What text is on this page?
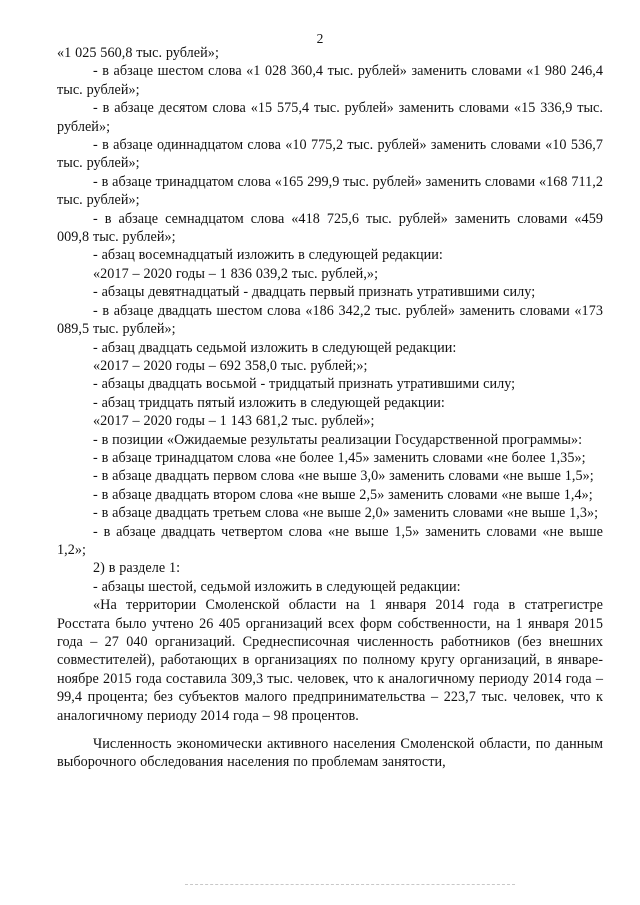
2

«1 025 560,8 тыс. рублей»;

- в абзаце шестом слова «1 028 360,4 тыс. рублей» заменить словами «1 980 246,4 тыс. рублей»;

- в абзаце десятом слова «15 575,4 тыс. рублей» заменить словами «15 336,9 тыс. рублей»;

- в абзаце одиннадцатом слова «10 775,2 тыс. рублей» заменить словами «10 536,7 тыс. рублей»;

- в абзаце тринадцатом слова «165 299,9 тыс. рублей» заменить словами «168 711,2 тыс. рублей»;

- в абзаце семнадцатом слова «418 725,6 тыс. рублей» заменить словами «459 009,8 тыс. рублей»;

- абзац восемнадцатый изложить в следующей редакции:

«2017 – 2020 годы – 1 836 039,2 тыс. рублей,»;

- абзацы девятнадцатый - двадцать первый признать утратившими силу;

- в абзаце двадцать шестом слова «186 342,2 тыс. рублей» заменить словами «173 089,5 тыс. рублей»;

- абзац двадцать седьмой изложить в следующей редакции:

«2017 – 2020 годы – 692 358,0 тыс. рублей;»;

- абзацы двадцать восьмой - тридцатый признать утратившими силу;

- абзац тридцать пятый изложить в следующей редакции:

«2017 – 2020 годы – 1 143 681,2 тыс. рублей»;

- в позиции «Ожидаемые результаты реализации Государственной программы»:

- в абзаце тринадцатом слова «не более 1,45» заменить словами «не более 1,35»;

- в абзаце двадцать первом слова «не выше 3,0» заменить словами «не выше 1,5»;

- в абзаце двадцать втором слова «не выше 2,5» заменить словами «не выше 1,4»;

- в абзаце двадцать третьем слова «не выше 2,0» заменить словами «не выше 1,3»;

- в абзаце двадцать четвертом слова «не выше 1,5» заменить словами «не выше 1,2»;

2) в разделе 1:

- абзацы шестой, седьмой изложить в следующей редакции:

«На территории Смоленской области на 1 января 2014 года в статрегистре Росстата было учтено 26 405 организаций всех форм собственности, на 1 января 2015 года – 27 040 организаций. Среднесписочная численность работников (без внешних совместителей), работающих в организациях по полному кругу организаций, в январе-ноябре 2015 года составила 309,3 тыс. человек, что к аналогичному периоду 2014 года – 99,4 процента; без субъектов малого предпринимательства – 223,7 тыс. человек, что к аналогичному периоду 2014 года – 98 процентов.

Численность экономически активного населения Смоленской области, по данным выборочного обследования населения по проблемам занятости,
